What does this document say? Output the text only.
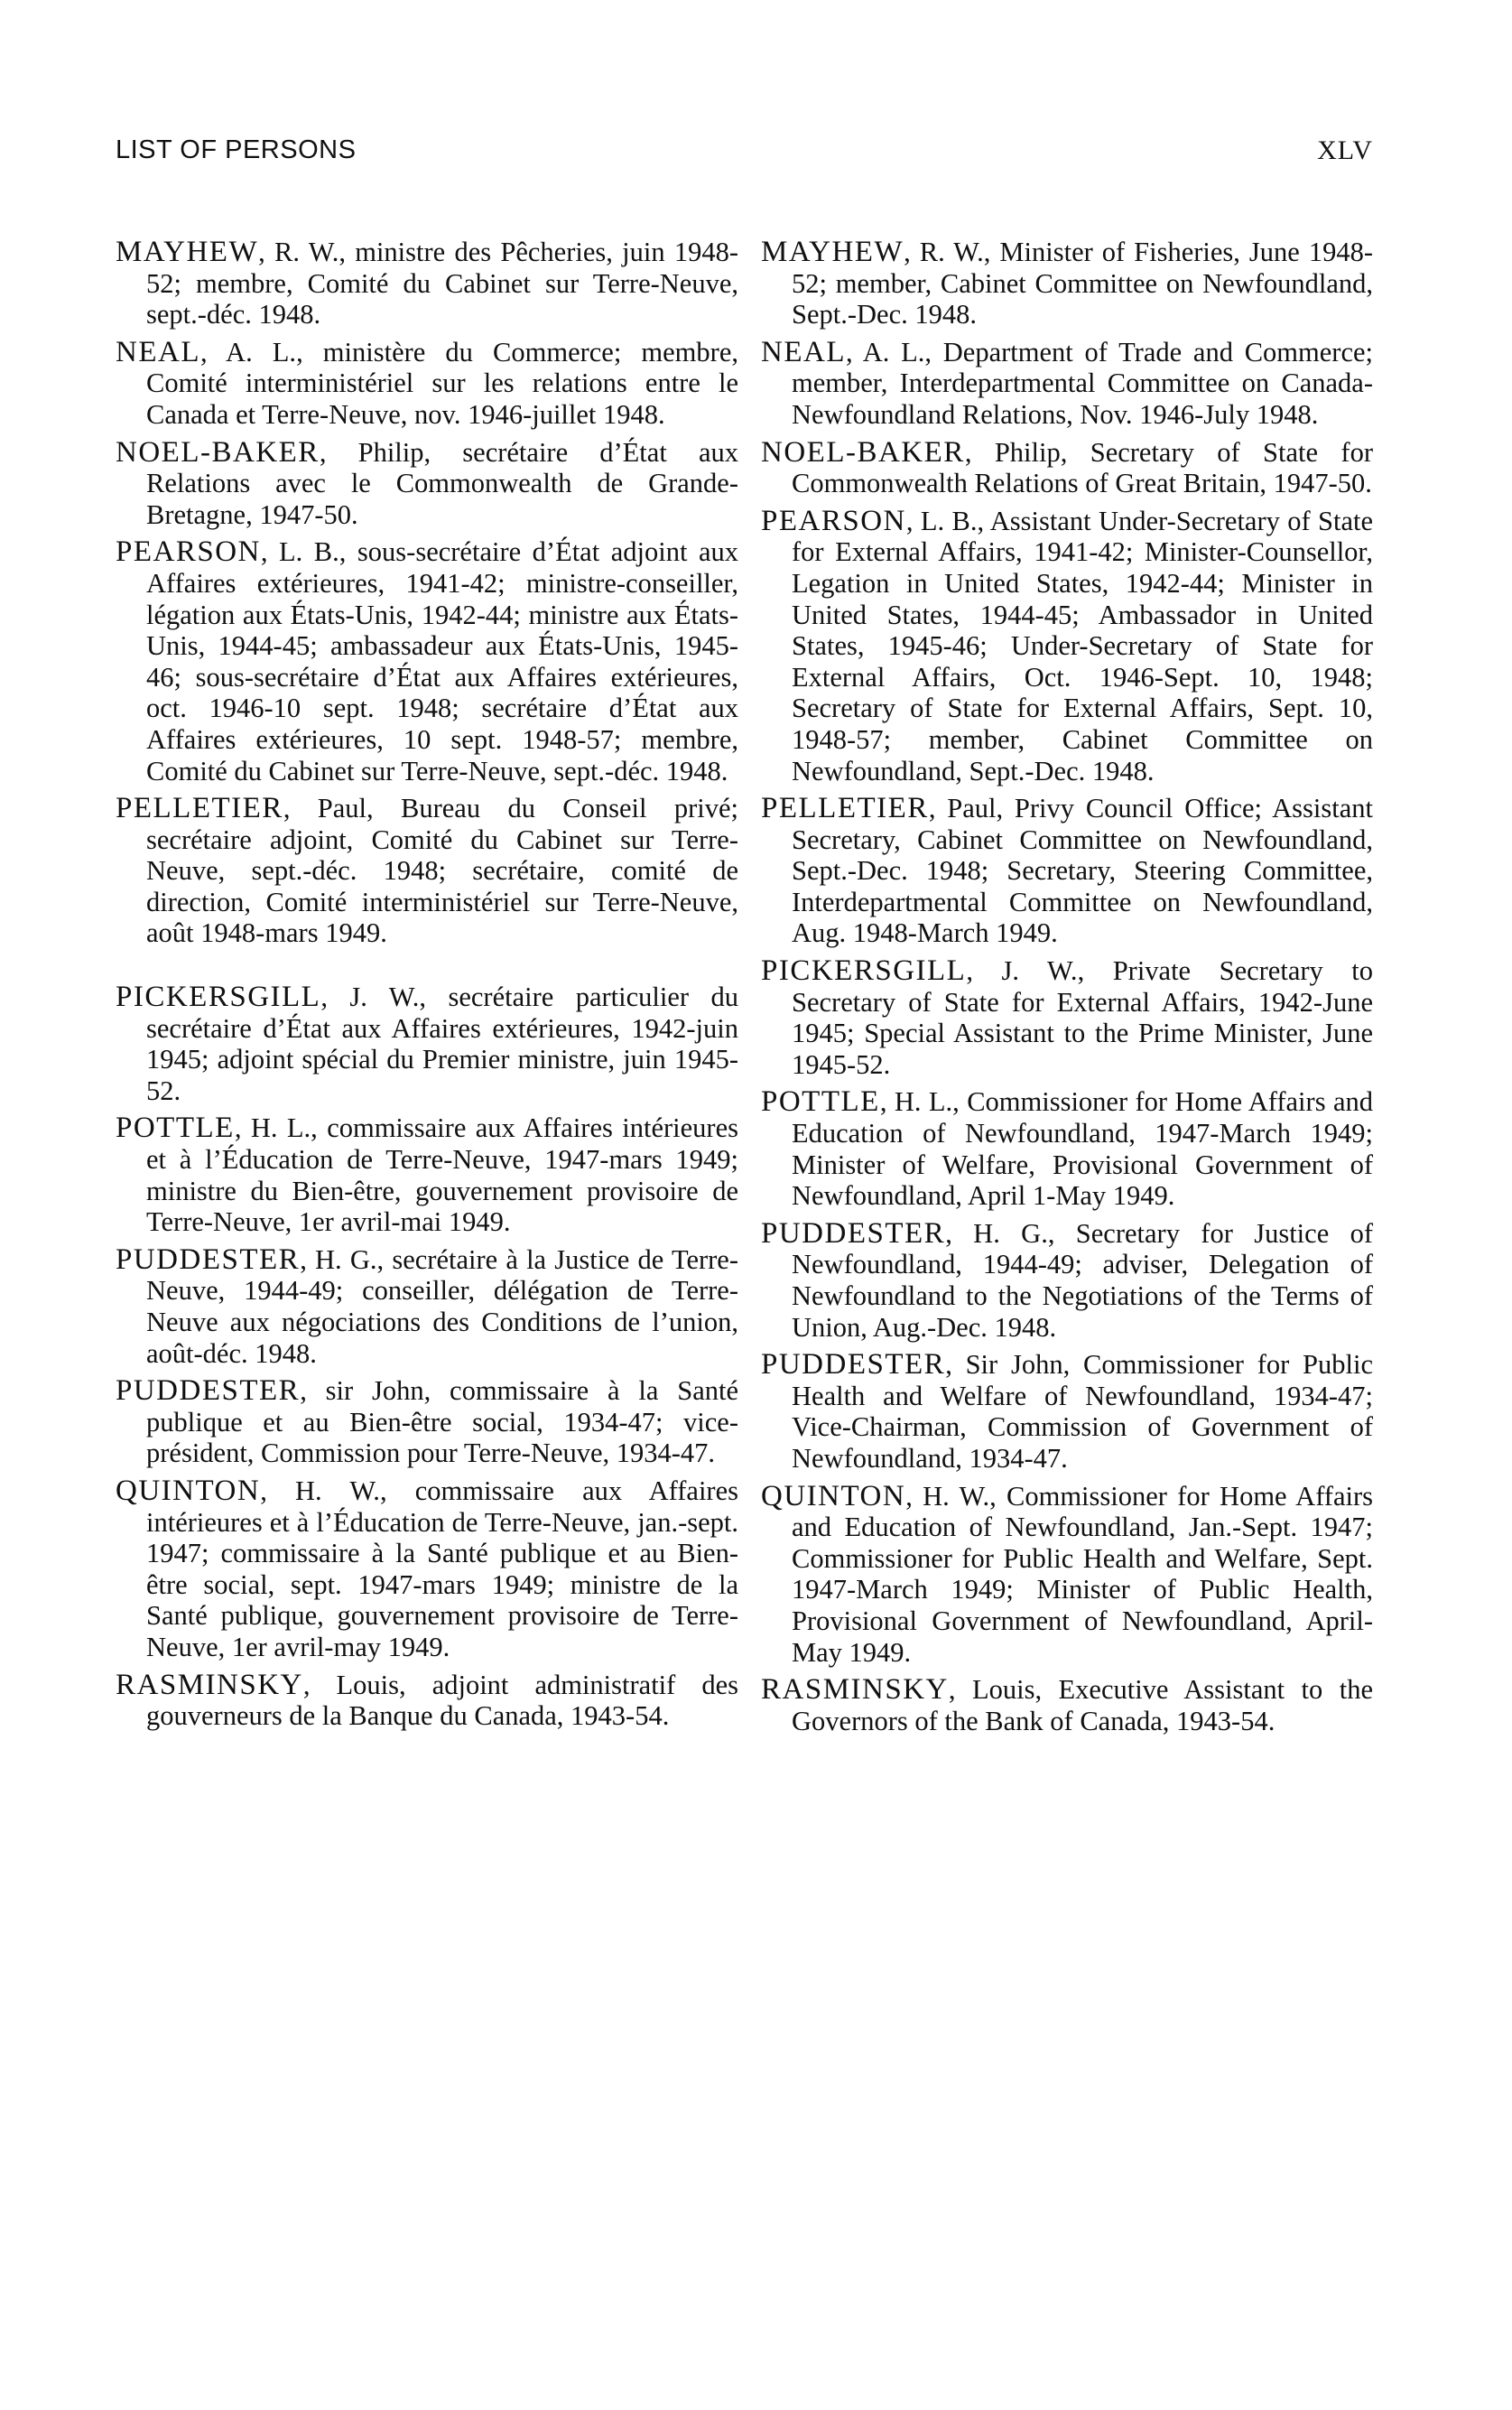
LIST OF PERSONS	XLV

MAYHEW, R. W., ministre des Pêcheries, juin 1948-52; membre, Comité du Cabinet sur Terre-Neuve, sept.-déc. 1948.

NEAL, A. L., ministère du Commerce; membre, Comité interministériel sur les relations entre le Canada et Terre-Neuve, nov. 1946-juillet 1948.

NOEL-BAKER, Philip, secrétaire d’État aux Relations avec le Commonwealth de Grande-Bretagne, 1947-50.

PEARSON, L. B., sous-secrétaire d’État adjoint aux Affaires extérieures, 1941-42; ministre-conseiller, légation aux États-Unis, 1942-44; ministre aux États-Unis, 1944-45; ambassadeur aux États-Unis, 1945-46; sous-secrétaire d’État aux Affaires extérieures, oct. 1946-10 sept. 1948; secrétaire d’État aux Affaires extérieures, 10 sept. 1948-57; membre, Comité du Cabinet sur Terre-Neuve, sept.-déc. 1948.

PELLETIER, Paul, Bureau du Conseil privé; secrétaire adjoint, Comité du Cabinet sur Terre-Neuve, sept.-déc. 1948; secrétaire, comité de direction, Comité interministériel sur Terre-Neuve, août 1948-mars 1949.

PICKERSGILL, J. W., secrétaire particulier du secrétaire d’État aux Affaires extérieures, 1942-juin 1945; adjoint spécial du Premier ministre, juin 1945-52.

POTTLE, H. L., commissaire aux Affaires intérieures et à l’Éducation de Terre-Neuve, 1947-mars 1949; ministre du Bien-être, gouvernement provisoire de Terre-Neuve, 1er avril-mai 1949.

PUDDESTER, H. G., secrétaire à la Justice de Terre-Neuve, 1944-49; conseiller, délégation de Terre-Neuve aux négociations des Conditions de l’union, août-déc. 1948.

PUDDESTER, sir John, commissaire à la Santé publique et au Bien-être social, 1934-47; vice-président, Commission pour Terre-Neuve, 1934-47.

QUINTON, H. W., commissaire aux Affaires intérieures et à l’Éducation de Terre-Neuve, jan.-sept. 1947; commissaire à la Santé publique et au Bien-être social, sept. 1947-mars 1949; ministre de la Santé publique, gouvernement provisoire de Terre-Neuve, 1er avril-may 1949.

RASMINSKY, Louis, adjoint administratif des gouverneurs de la Banque du Canada, 1943-54.

MAYHEW, R. W., Minister of Fisheries, June 1948-52; member, Cabinet Committee on Newfoundland, Sept.-Dec. 1948.

NEAL, A. L., Department of Trade and Commerce; member, Interdepartmental Committee on Canada-Newfoundland Relations, Nov. 1946-July 1948.

NOEL-BAKER, Philip, Secretary of State for Commonwealth Relations of Great Britain, 1947-50.

PEARSON, L. B., Assistant Under-Secretary of State for External Affairs, 1941-42; Minister-Counsellor, Legation in United States, 1942-44; Minister in United States, 1944-45; Ambassador in United States, 1945-46; Under-Secretary of State for External Affairs, Oct. 1946-Sept. 10, 1948; Secretary of State for External Affairs, Sept. 10, 1948-57; member, Cabinet Committee on Newfoundland, Sept.-Dec. 1948.

PELLETIER, Paul, Privy Council Office; Assistant Secretary, Cabinet Committee on Newfoundland, Sept.-Dec. 1948; Secretary, Steering Committee, Interdepartmental Committee on Newfoundland, Aug. 1948-March 1949.

PICKERSGILL, J. W., Private Secretary to Secretary of State for External Affairs, 1942-June 1945; Special Assistant to the Prime Minister, June 1945-52.

POTTLE, H. L., Commissioner for Home Affairs and Education of Newfoundland, 1947-March 1949; Minister of Welfare, Provisional Government of Newfoundland, April 1-May 1949.

PUDDESTER, H. G., Secretary for Justice of Newfoundland, 1944-49; adviser, Delegation of Newfoundland to the Negotiations of the Terms of Union, Aug.-Dec. 1948.

PUDDESTER, Sir John, Commissioner for Public Health and Welfare of Newfoundland, 1934-47; Vice-Chairman, Commission of Government of Newfoundland, 1934-47.

QUINTON, H. W., Commissioner for Home Affairs and Education of Newfoundland, Jan.-Sept. 1947; Commissioner for Public Health and Welfare, Sept. 1947-March 1949; Minister of Public Health, Provisional Government of Newfoundland, April-May 1949.

RASMINSKY, Louis, Executive Assistant to the Governors of the Bank of Canada, 1943-54.
